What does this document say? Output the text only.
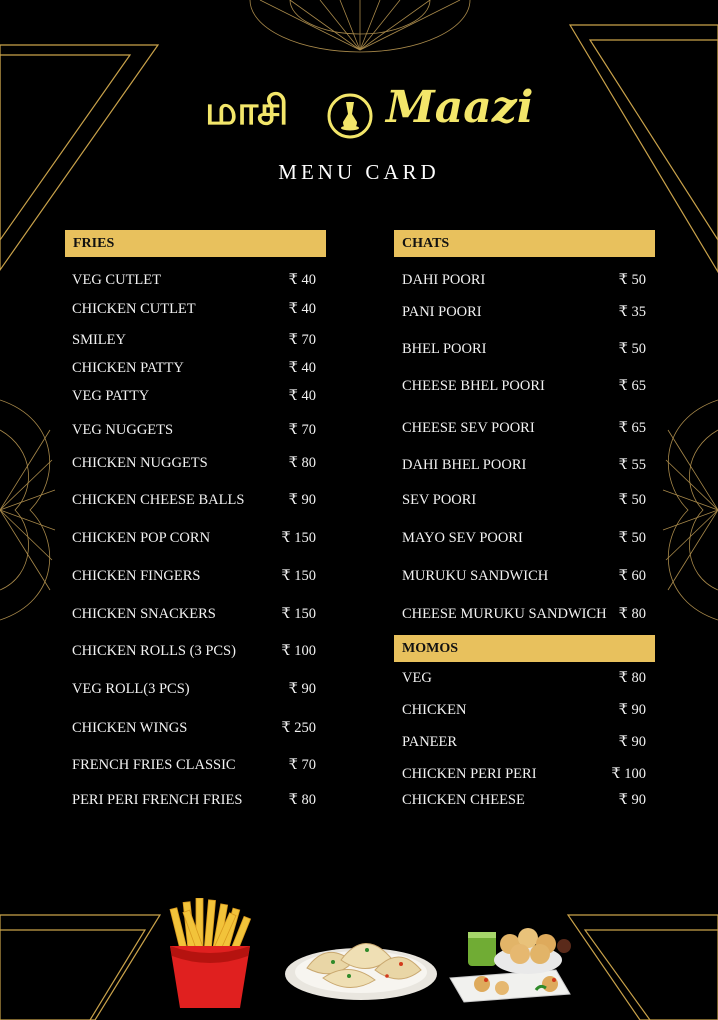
மாசி Maazi
MENU CARD
FRIES
VEG CUTLET	₹ 40
CHICKEN CUTLET	₹ 40
SMILEY	₹ 70
CHICKEN PATTY	₹ 40
VEG PATTY	₹ 40
VEG NUGGETS	₹ 70
CHICKEN NUGGETS	₹ 80
CHICKEN CHEESE BALLS	₹ 90
CHICKEN POP CORN	₹ 150
CHICKEN FINGERS	₹ 150
CHICKEN SNACKERS	₹ 150
CHICKEN ROLLS (3 PCS)	₹ 100
VEG ROLL(3 PCS)	₹ 90
CHICKEN WINGS	₹ 250
FRENCH FRIES CLASSIC	₹ 70
PERI PERI FRENCH FRIES	₹ 80
CHATS
DAHI POORI	₹ 50
PANI POORI	₹ 35
BHEL POORI	₹ 50
CHEESE BHEL POORI	₹ 65
CHEESE SEV POORI	₹ 65
DAHI BHEL POORI	₹ 55
SEV POORI	₹ 50
MAYO SEV POORI	₹ 50
MURUKU SANDWICH	₹ 60
CHEESE MURUKU SANDWICH ₹ 80
MOMOS
VEG	₹ 80
CHICKEN	₹ 90
PANEER	₹ 90
CHICKEN PERI PERI	₹ 100
CHICKEN CHEESE	₹ 90
